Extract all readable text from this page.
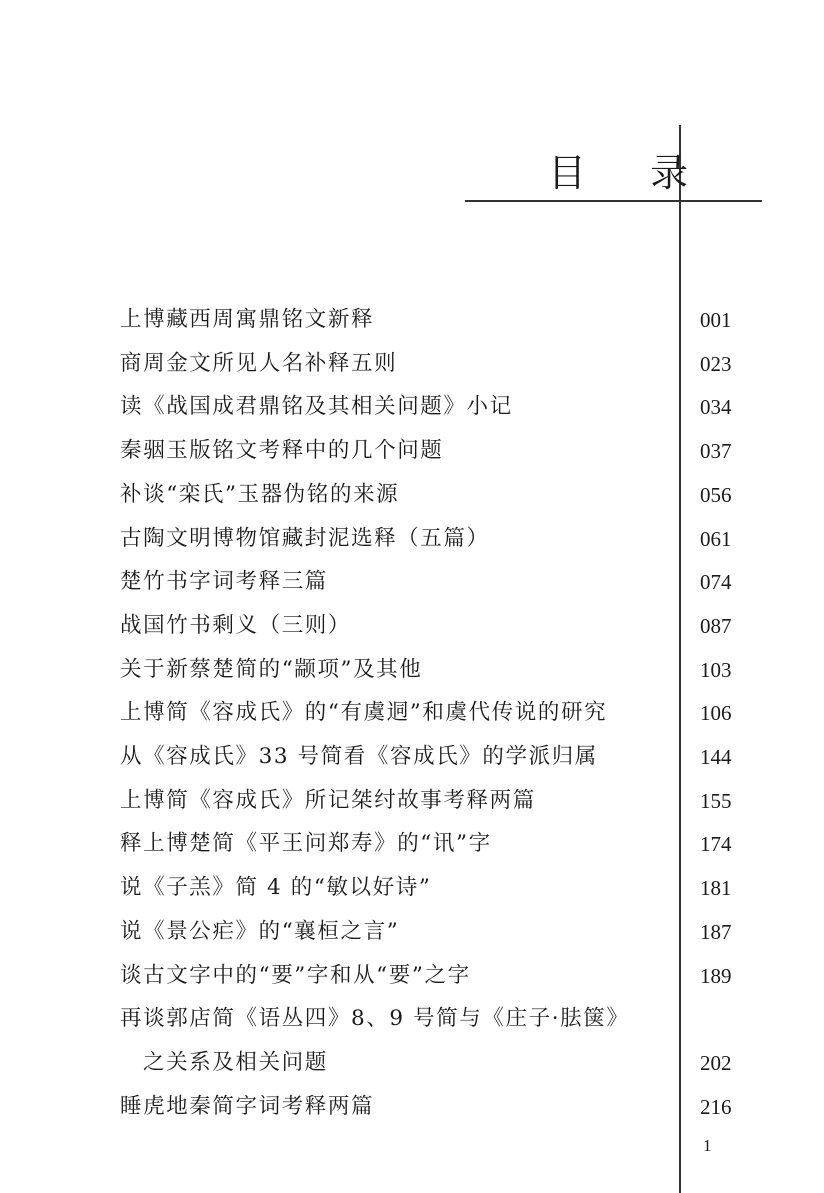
目 录
上博藏西周寓鼎铭文新释	001
商周金文所见人名补释五则	023
读《战国成君鼎铭及其相关问题》小记	034
秦骃玉版铭文考释中的几个问题	037
补谈“栾氏”玉器伪铭的来源	056
古陶文明博物馆藏封泥选释（五篇）	061
楚竹书字词考释三篇	074
战国竹书剩义（三则）	087
关于新蔡楚简的“颛项”及其他	103
上博简《容成氏》的“有虞迵”和虞代传说的研究	106
从《容成氏》33 号简看《容成氏》的学派归属	144
上博简《容成氏》所记桀纣故事考释两篇	155
释上博楚简《平王问郑寿》的“讯”字	174
说《子羔》简 4 的“敏以好诗”	181
说《景公疟》的“襄桓之言”	187
谈古文字中的“要”字和从“要”之字	189
再谈郭店简《语丛四》8、9 号简与《庄子·胠箧》
之关系及相关问题	202
睡虎地秦简字词考释两篇	216
1
